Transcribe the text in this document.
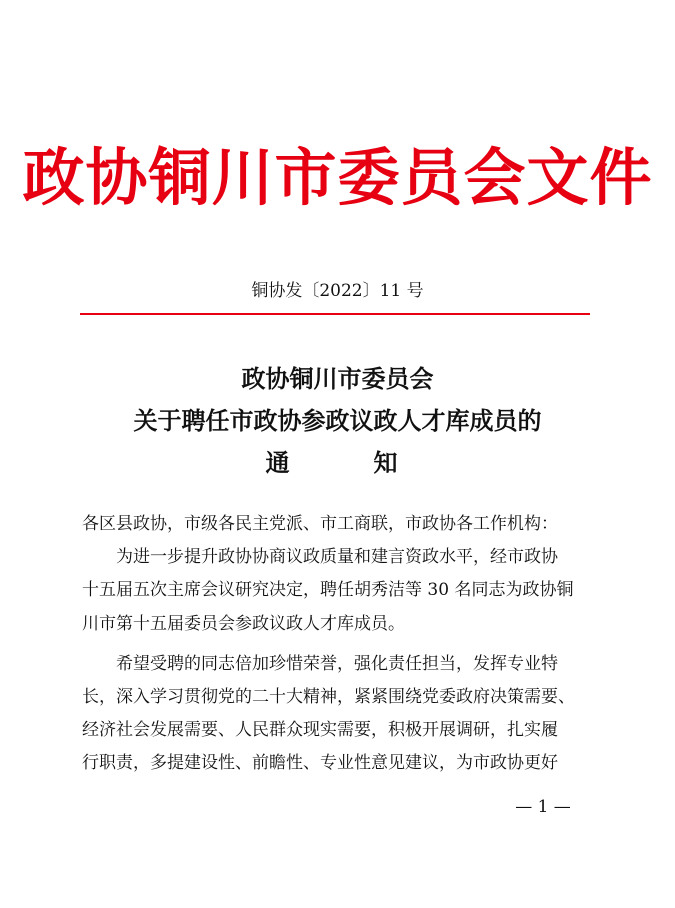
政协铜川市委员会文件
铜协发〔2022〕11 号
政协铜川市委员会
关于聘任市政协参政议政人才库成员的
通　　知
各区县政协，市级各民主党派、市工商联，市政协各工作机构：
　　为进一步提升政协协商议政质量和建言资政水平，经市政协
十五届五次主席会议研究决定，聘任胡秀洁等 30 名同志为政协铜
川市第十五届委员会参政议政人才库成员。
　　希望受聘的同志倍加珍惜荣誉，强化责任担当，发挥专业特
长，深入学习贯彻党的二十大精神，紧紧围绕党委政府决策需要、
经济社会发展需要、人民群众现实需要，积极开展调研，扎实履
行职责，多提建设性、前瞻性、专业性意见建议，为市政协更好
— 1 —
